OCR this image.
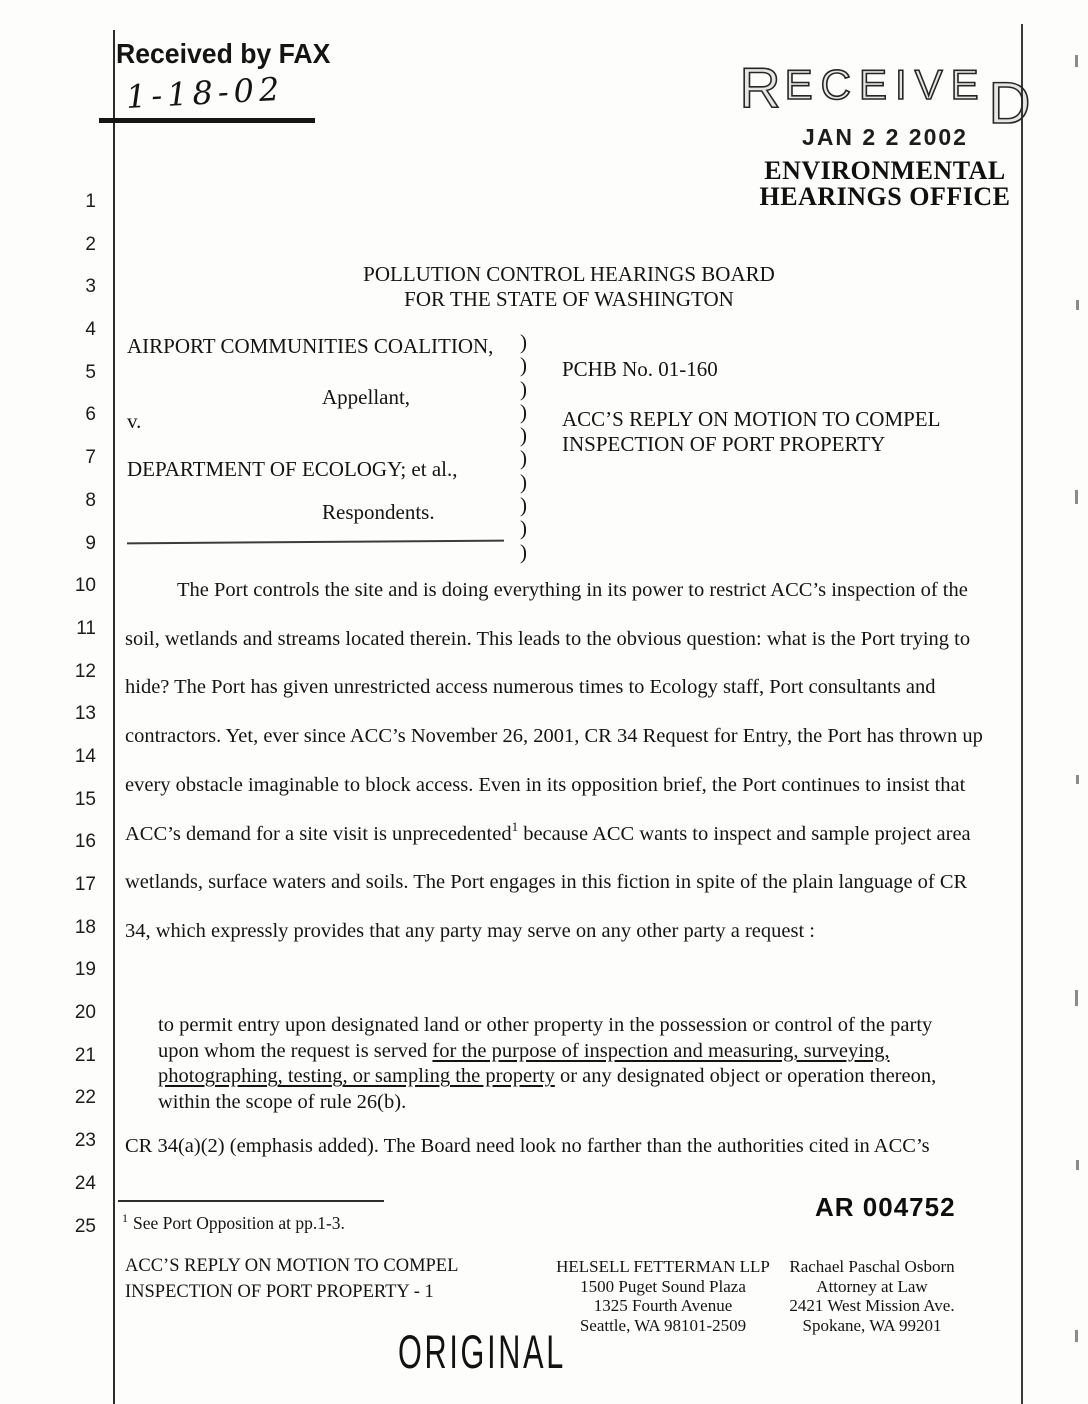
1
2
3
4
5
6
7
8
9
10
11
12
13
14
15
16
17
18
19
20
21
22
23
24
25
Received by FAX
1-18-02	R ECEIVE D
JAN 2 2 2002
ENVIRONMENTAL
HEARINGS OFFICE
POLLUTION CONTROL HEARINGS BOARD
FOR THE STATE OF WASHINGTON
AIRPORT COMMUNITIES COALITION,
Appellant,
v.
DEPARTMENT OF ECOLOGY; et al.,
Respondents.
)
)
)
)
)
)
)
)
)
)
PCHB No. 01-160
ACC’S REPLY ON MOTION TO COMPEL
INSPECTION OF PORT PROPERTY
The Port controls the site and is doing everything in its power to restrict ACC’s inspection of the soil, wetlands and streams located therein. This leads to the obvious question: what is the Port trying to hide? The Port has given unrestricted access numerous times to Ecology staff, Port consultants and contractors. Yet, ever since ACC’s November 26, 2001, CR 34 Request for Entry, the Port has thrown up every obstacle imaginable to block access. Even in its opposition brief, the Port continues to insist that ACC’s demand for a site visit is unprecedented$^1$ because ACC wants to inspect and sample project area wetlands, surface waters and soils. The Port engages in this fiction in spite of the plain language of CR 34, which expressly provides that any party may serve on any other party a request :
to permit entry upon designated land or other property in the possession or control of the party upon whom the request is served for the purpose of inspection and measuring, surveying, photographing, testing, or sampling the property or any designated object or operation thereon, within the scope of rule 26(b).
CR 34(a)(2) (emphasis added). The Board need look no farther than the authorities cited in ACC’s
$^1$ See Port Opposition at pp.1-3.
AR 004752
ACC’S REPLY ON MOTION TO COMPEL
INSPECTION OF PORT PROPERTY - 1
HELSELL FETTERMAN LLP
1500 Puget Sound Plaza
1325 Fourth Avenue
Seattle, WA 98101-2509
Rachael Paschal Osborn
Attorney at Law
2421 West Mission Ave.
Spokane, WA 99201
ORIGINAL
